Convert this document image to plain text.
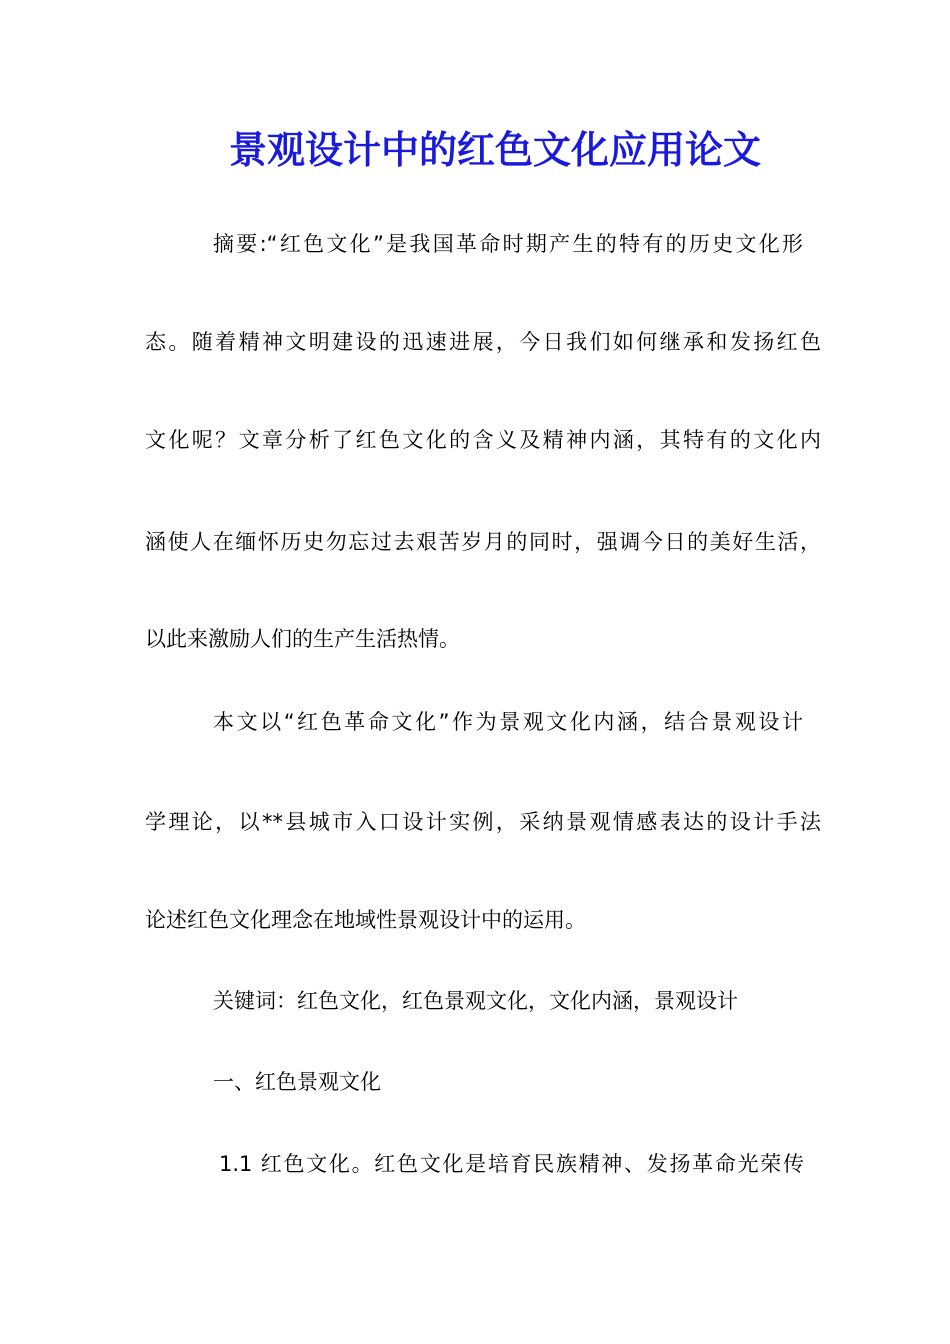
景观设计中的红色文化应用论文
摘要:“红色文化”是我国革命时期产生的特有的历史文化形
态。随着精神文明建设的迅速进展，今日我们如何继承和发扬红色
文化呢？文章分析了红色文化的含义及精神内涵，其特有的文化内
涵使人在缅怀历史勿忘过去艰苦岁月的同时，强调今日的美好生活，
以此来激励人们的生产生活热情。
本文以“红色革命文化”作为景观文化内涵，结合景观设计
学理论，以**县城市入口设计实例，采纳景观情感表达的设计手法
论述红色文化理念在地域性景观设计中的运用。
关键词：红色文化，红色景观文化，文化内涵，景观设计
一、红色景观文化
1.1 红色文化。红色文化是培育民族精神、发扬革命光荣传
